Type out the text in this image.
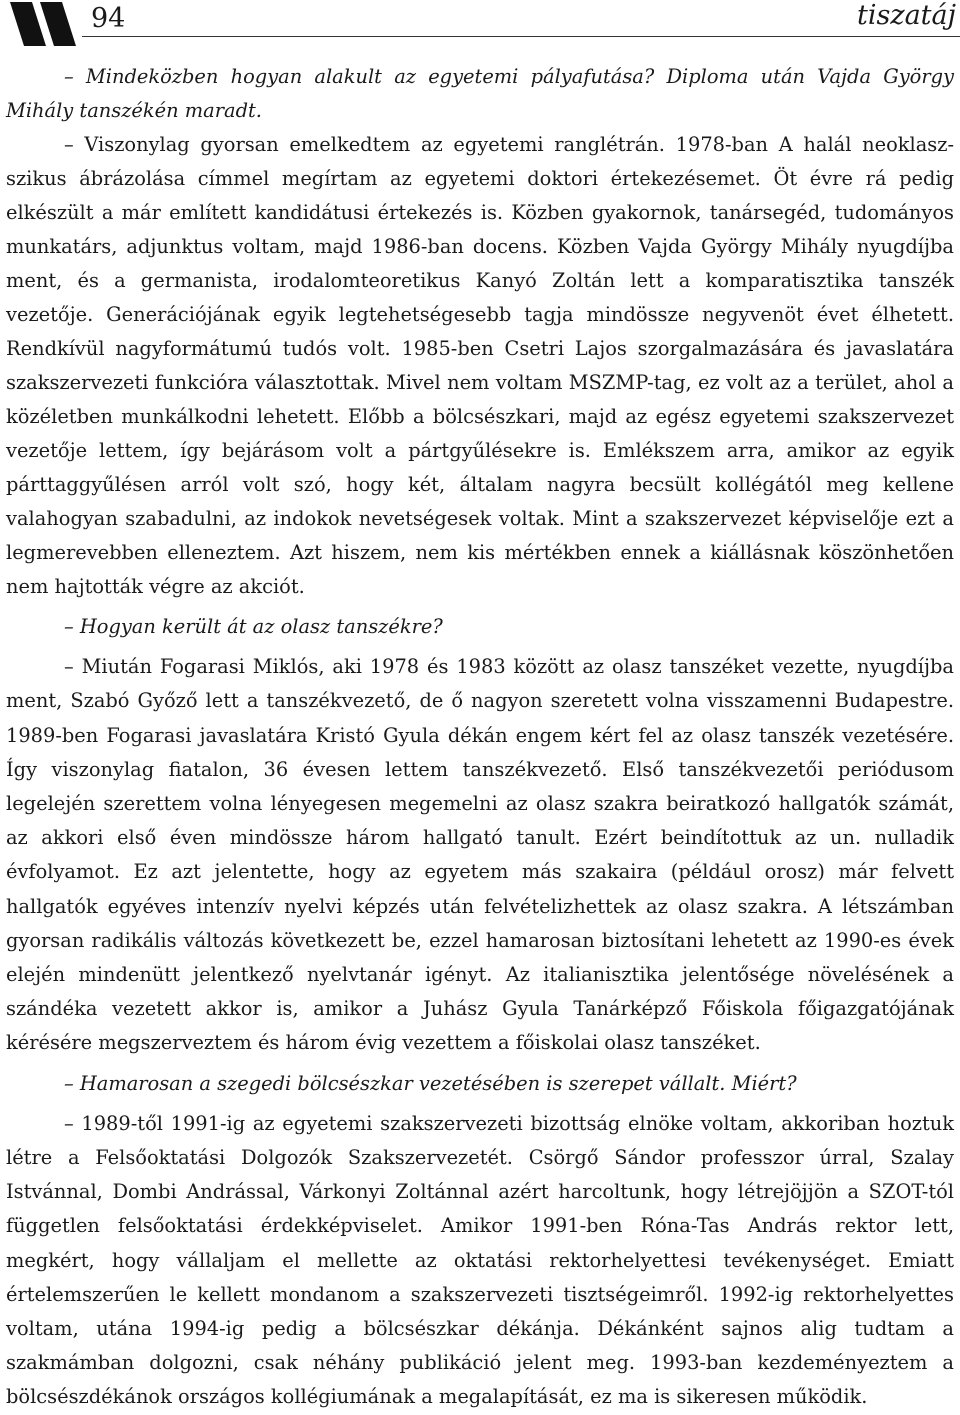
94	tiszatáj

– Mindeközben hogyan alakult az egyetemi pályafutása? Diploma után Vajda György Mihály tanszékén maradt.

– Viszonylag gyorsan emelkedtem az egyetemi ranglétrán. 1978-ban A halál neoklaszszikus ábrázolása címmel megírtam az egyetemi doktori értekezésemet. Öt évre rá pedig elkészült a már említett kandidátusi értekezés is. Közben gyakornok, tanársegéd, tudományos munkatárs, adjunktus voltam, majd 1986-ban docens. Közben Vajda György Mihály nyugdíjba ment, és a germanista, irodalomteoretikus Kanyó Zoltán lett a komparatisztika tanszék vezetője. Generációjának egyik legtehetségesebb tagja mindössze negyvenöt évet élhetett. Rendkívül nagyformátumú tudós volt. 1985-ben Csetri Lajos szorgalmazására és javaslatára szakszervezeti funkcióra választottak. Mivel nem voltam MSZMP-tag, ez volt az a terület, ahol a közéletben munkálkodni lehetett. Előbb a bölcsészkari, majd az egész egyetemi szakszervezet vezetője lettem, így bejárásom volt a pártgyűlésekre is. Emlékszem arra, amikor az egyik párttaggyűlésen arról volt szó, hogy két, általam nagyra becsült kollégától meg kellene valahogyan szabadulni, az indokok nevetségesek voltak. Mint a szakszervezet képviselője ezt a legmerevebben elleneztem. Azt hiszem, nem kis mértékben ennek a kiállásnak köszönhetően nem hajtották végre az akciót.

– Hogyan került át az olasz tanszékre?

– Miután Fogarasi Miklós, aki 1978 és 1983 között az olasz tanszéket vezette, nyugdíjba ment, Szabó Győző lett a tanszékvezető, de ő nagyon szeretett volna visszamenni Budapestre. 1989-ben Fogarasi javaslatára Kristó Gyula dékán engem kért fel az olasz tanszék vezetésére. Így viszonylag fiatalon, 36 évesen lettem tanszékvezető. Első tanszékvezetői periódusom legelején szerettem volna lényegesen megemelni az olasz szakra beiratkozó hallgatók számát, az akkori első éven mindössze három hallgató tanult. Ezért beindítottuk az un. nulladik évfolyamot. Ez azt jelentette, hogy az egyetem más szakaira (például orosz) már felvett hallgatók egyéves intenzív nyelvi képzés után felvételizhettek az olasz szakra. A létszámban gyorsan radikális változás következett be, ezzel hamarosan biztosítani lehetett az 1990-es évek elején mindenütt jelentkező nyelvtanár igényt. Az italianisztika jelentősége növelésének a szándéka vezetett akkor is, amikor a Juhász Gyula Tanárképző Főiskola főigazgatójának kérésére megszerveztem és három évig vezettem a főiskolai olasz tanszéket.

– Hamarosan a szegedi bölcsészkar vezetésében is szerepet vállalt. Miért?

– 1989-től 1991-ig az egyetemi szakszervezeti bizottság elnöke voltam, akkoriban hoztuk létre a Felsőoktatási Dolgozók Szakszervezetét. Csörgő Sándor professzor úrral, Szalay Istvánnal, Dombi Andrással, Várkonyi Zoltánnal azért harcoltunk, hogy létrejöjjön a SZOT-tól független felsőoktatási érdekképviselet. Amikor 1991-ben Róna-Tas András rektor lett, megkért, hogy vállaljam el mellette az oktatási rektorhelyettesi tevékenységet. Emiatt értelemszerűen le kellett mondanom a szakszervezeti tisztségeimről. 1992-ig rektorhelyettes voltam, utána 1994-ig pedig a bölcsészkar dékánja. Dékánként sajnos alig tudtam a szakmámban dolgozni, csak néhány publikáció jelent meg. 1993-ban kezdeményeztem a bölcsészdékánok országos kollégiumának a megalapítását, ez ma is sikeresen működik.
